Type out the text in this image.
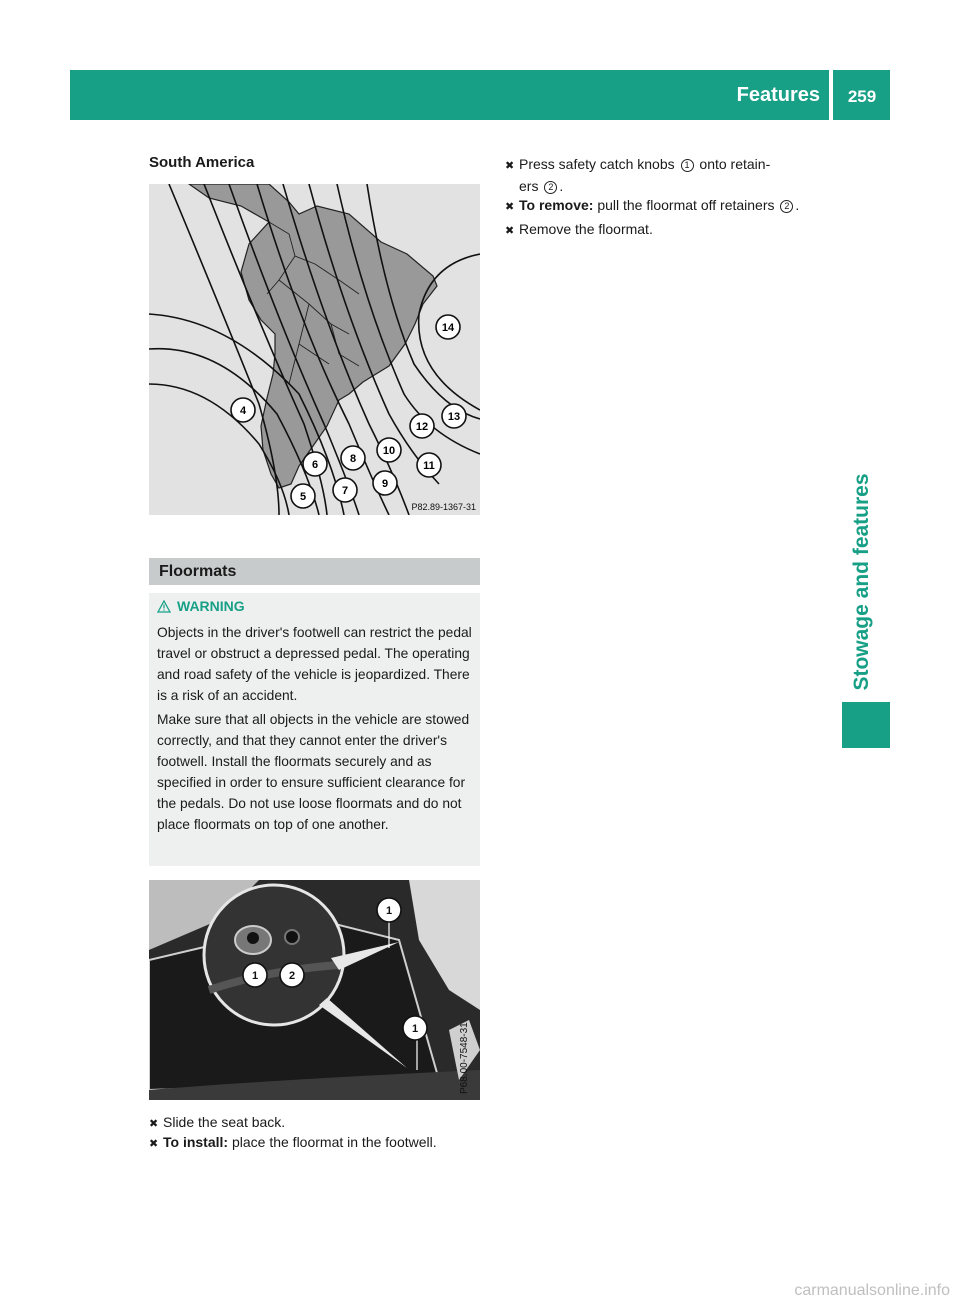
Features	259
Stowage and features
South America
4
5
6
7
8
9
10
11
12
13
14
P82.89-1367-31
Floormats
WARNING
Objects in the driver's footwell can restrict the pedal travel or obstruct a depressed pedal. The operating and road safety of the vehicle is jeopardized. There is a risk of an accident.
Make sure that all objects in the vehicle are stowed correctly, and that they cannot enter the driver's footwell. Install the floormats securely and as specified in order to ensure sufficient clearance for the pedals. Do not use loose floormats and do not place floormats on top of one another.
1
1	2
1	P68.00-7548-31
✖ Slide the seat back.
✖ To install: place the floormat in the footwell.
✖ Press safety catch knobs 1 onto retain-
ers 2 .
✖ To remove: pull the floormat off retainers 2 .
✖ Remove the floormat.
carmanualsonline.info
